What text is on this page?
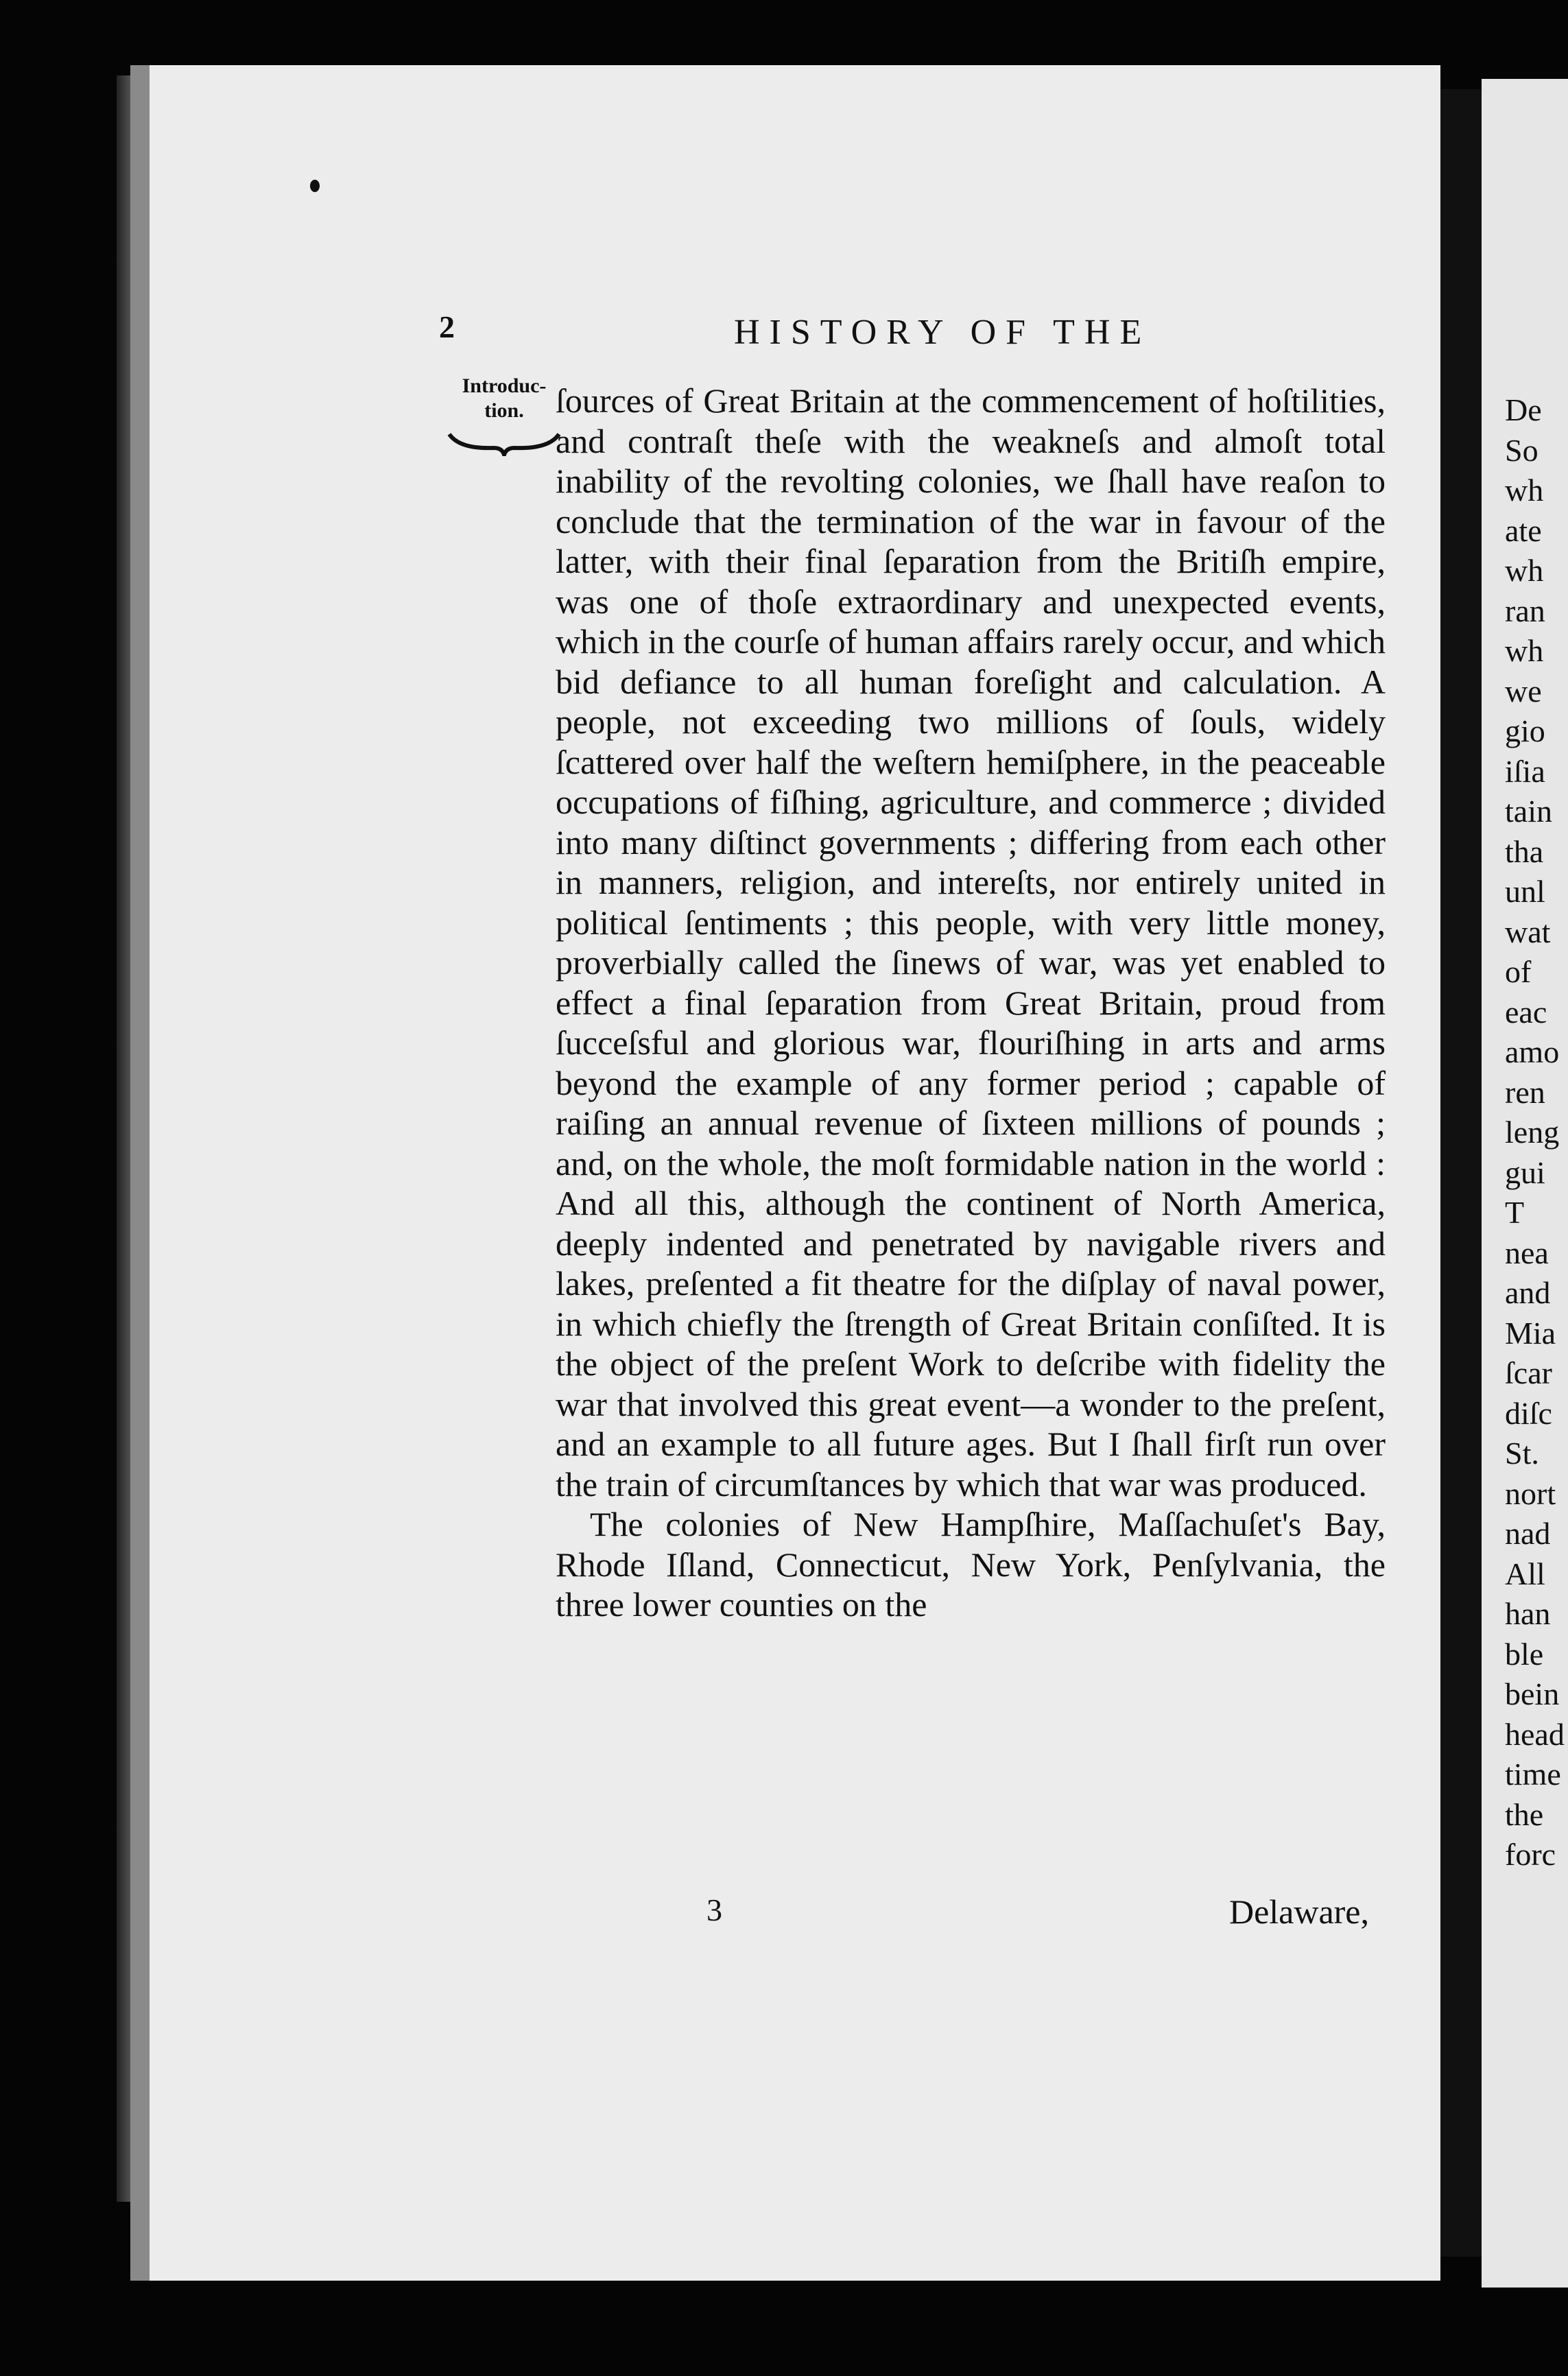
De
So
wh
ate
wh
ran
wh
we
gio
iſia
tain
tha
unl
wat
of
eac
amo
ren
leng
gui
T
nea
and
Mia
ſcar
diſc
St.
nort
nad
All
han
ble
bein
head
time
the
forc
2	HISTORY OF THE
Introduc-tion. ſources of Great Britain at the commencement of hoſtilities, and contraſt theſe with the weakneſs and almoſt total inability of the revolting colonies, we ſhall have reaſon to conclude that the termination of the war in favour of the latter, with their final ſeparation from the Britiſh empire, was one of thoſe extraordinary and unexpected events, which in the courſe of human affairs rarely occur, and which bid defiance to all human foreſight and calculation. A people, not exceeding two millions of ſouls, widely ſcattered over half the weſtern hemiſphere, in the peaceable occupations of fiſhing, agriculture, and commerce ; divided into many diſtinct governments ; differing from each other in manners, religion, and intereſts, nor entirely united in political ſentiments ; this people, with very little money, proverbially called the ſinews of war, was yet enabled to effect a final ſeparation from Great Britain, proud from ſucceſsful and glorious war, flouriſhing in arts and arms beyond the example of any former period ; capable of raiſing an annual revenue of ſixteen millions of pounds ; and, on the whole, the moſt formidable nation in the world : And all this, although the continent of North America, deeply indented and penetrated by navigable rivers and lakes, preſented a fit theatre for the diſplay of naval power, in which chiefly the ſtrength of Great Britain conſiſted. It is the object of the preſent Work to deſcribe with fidelity the war that involved this great event—a wonder to the preſent, and an example to all future ages. But I ſhall firſt run over the train of circumſtances by which that war was produced.

The colonies of New Hampſhire, Maſſachuſet's Bay, Rhode Iſland, Connecticut, New York, Penſylvania, the three lower counties on the

3	Delaware,
